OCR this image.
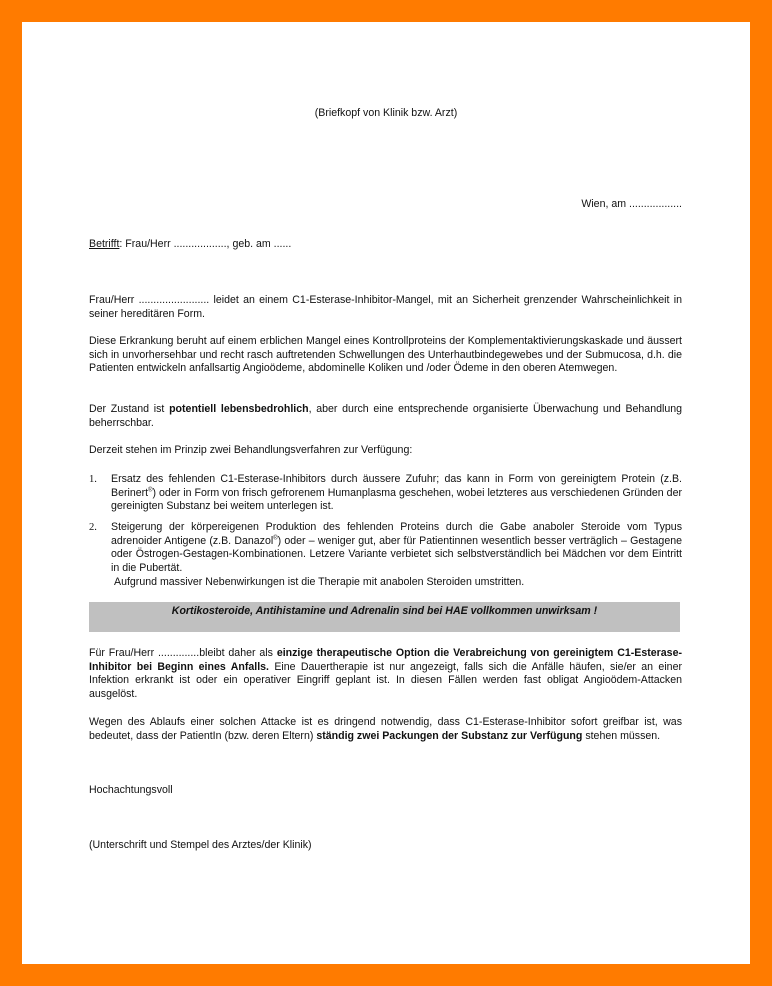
(Briefkopf von Klinik bzw. Arzt)
Wien, am ..................
Betrifft: Frau/Herr .................., geb. am ......
Frau/Herr ........................ leidet an einem C1-Esterase-Inhibitor-Mangel, mit an Sicherheit grenzender Wahrscheinlichkeit in seiner hereditären Form.
Diese Erkrankung beruht auf einem erblichen Mangel eines Kontrollproteins der Komplementaktivierungskaskade und äussert sich in unvorhersehbar und recht rasch auftretenden Schwellungen des Unterhautbindegewebes und der Submucosa, d.h. die Patienten entwickeln anfallsartig Angioödeme, abdominelle Koliken und /oder Ödeme in den oberen Atemwegen.
Der Zustand ist potentiell lebensbedrohlich, aber durch eine entsprechende organisierte Überwachung und Behandlung beherrschbar.
Derzeit stehen im Prinzip zwei Behandlungsverfahren zur Verfügung:
1. Ersatz des fehlenden C1-Esterase-Inhibitors durch äussere Zufuhr; das kann in Form von gereinigtem Protein (z.B. Berinert®) oder in Form von frisch gefrorenem Humanplasma geschehen, wobei letzteres aus verschiedenen Gründen der gereinigten Substanz bei weitem unterlegen ist.
2. Steigerung der körpereigenen Produktion des fehlenden Proteins durch die Gabe anaboler Steroide vom Typus adrenoider Antigene (z.B. Danazol®) oder – weniger gut, aber für Patientinnen wesentlich besser verträglich – Gestagene oder Östrogen-Gestagen-Kombinationen. Letzere Variante verbietet sich selbstverständlich bei Mädchen vor dem Eintritt in die Pubertät.
Aufgrund massiver Nebenwirkungen ist die Therapie mit anabolen Steroiden umstritten.
Kortikosteroide, Antihistamine und Adrenalin sind bei HAE vollkommen unwirksam !
Für Frau/Herr ..............bleibt daher als einzige therapeutische Option die Verabreichung von gereinigtem C1-Esterase-Inhibitor bei Beginn eines Anfalls. Eine Dauertherapie ist nur angezeigt, falls sich die Anfälle häufen, sie/er an einer Infektion erkrankt ist oder ein operativer Eingriff geplant ist. In diesen Fällen werden fast obligat Angioödem-Attacken ausgelöst.
Wegen des Ablaufs einer solchen Attacke ist es dringend notwendig, dass C1-Esterase-Inhibitor sofort greifbar ist, was bedeutet, dass der PatientIn (bzw. deren Eltern) ständig zwei Packungen der Substanz zur Verfügung stehen müssen.
Hochachtungsvoll
(Unterschrift und Stempel des Arztes/der Klinik)
